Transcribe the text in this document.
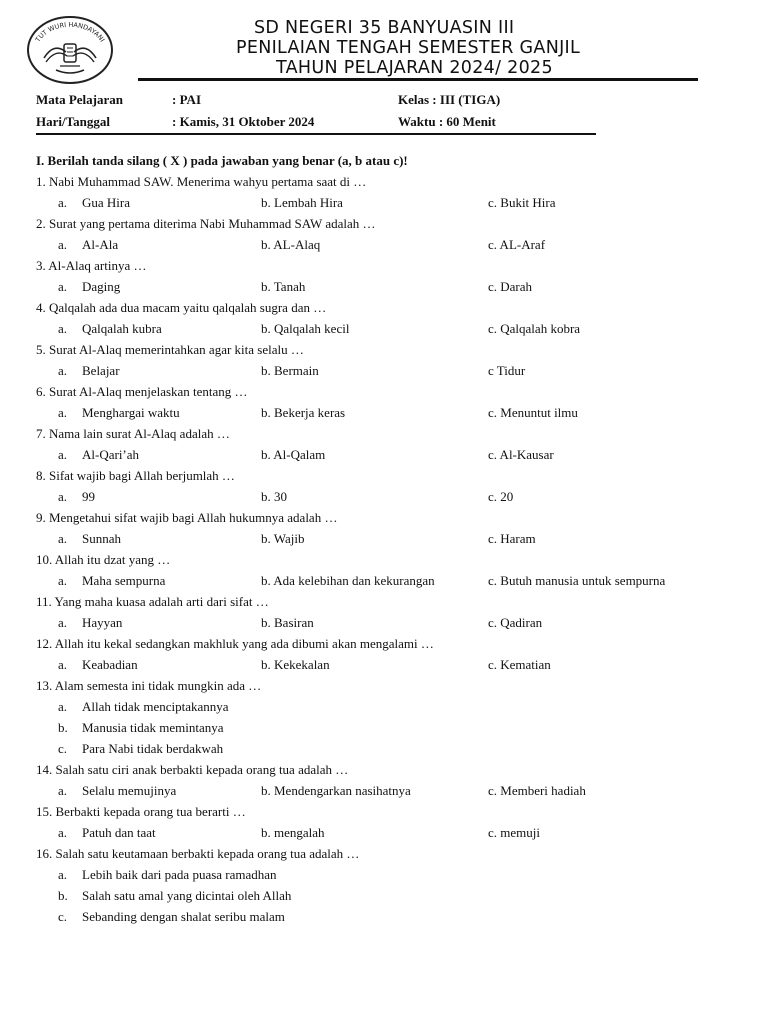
TUT WURI HANDAYANI
SD NEGERI 35 BANYUASIN III
PENILAIAN TENGAH SEMESTER GANJIL
TAHUN PELAJARAN 2024/ 2025
Mata Pelajaran	: PAI	Kelas : III (TIGA)
Hari/Tanggal	: Kamis, 31 Oktober 2024	Waktu : 60 Menit
I. Berilah tanda silang ( X ) pada jawaban yang benar (a, b atau c)!
1. Nabi Muhammad SAW. Menerima wahyu pertama saat di …
a. Gua Hira	b. Lembah Hira	c. Bukit Hira
2. Surat yang pertama diterima Nabi Muhammad SAW adalah …
a. Al-Ala	b. AL-Alaq	c. AL-Araf
3. Al-Alaq artinya …
a. Daging	b. Tanah	c. Darah
4. Qalqalah ada dua macam yaitu qalqalah sugra dan …
a. Qalqalah kubra	b. Qalqalah kecil	c. Qalqalah kobra
5. Surat Al-Alaq memerintahkan agar kita selalu …
a. Belajar	b. Bermain	c Tidur
6. Surat Al-Alaq menjelaskan tentang …
a. Menghargai waktu	b. Bekerja keras	c. Menuntut ilmu
7. Nama lain surat Al-Alaq adalah …
a. Al-Qari’ah	b. Al-Qalam	c. Al-Kausar
8. Sifat wajib bagi Allah berjumlah …
a. 99	b. 30	c. 20
9. Mengetahui sifat wajib bagi Allah hukumnya adalah …
a. Sunnah	b. Wajib	c. Haram
10. Allah itu dzat yang …
a. Maha sempurna	b. Ada kelebihan dan kekurangan	c. Butuh manusia untuk sempurna
11. Yang maha kuasa adalah arti dari sifat …
a. Hayyan	b. Basiran	c. Qadiran
12. Allah itu kekal sedangkan makhluk yang ada dibumi akan mengalami …
a. Keabadian	b. Kekekalan	c. Kematian
13. Alam semesta ini tidak mungkin ada …
a. Allah tidak menciptakannya
b. Manusia tidak memintanya
c. Para Nabi tidak berdakwah
14. Salah satu ciri anak berbakti kepada orang tua adalah …
a. Selalu memujinya	b. Mendengarkan nasihatnya	c. Memberi hadiah
15. Berbakti kepada orang tua berarti …
a. Patuh dan taat	b. mengalah	c. memuji
16. Salah satu keutamaan berbakti kepada orang tua adalah …
a. Lebih baik dari pada puasa ramadhan
b. Salah satu amal yang dicintai oleh Allah
c. Sebanding dengan shalat seribu malam
